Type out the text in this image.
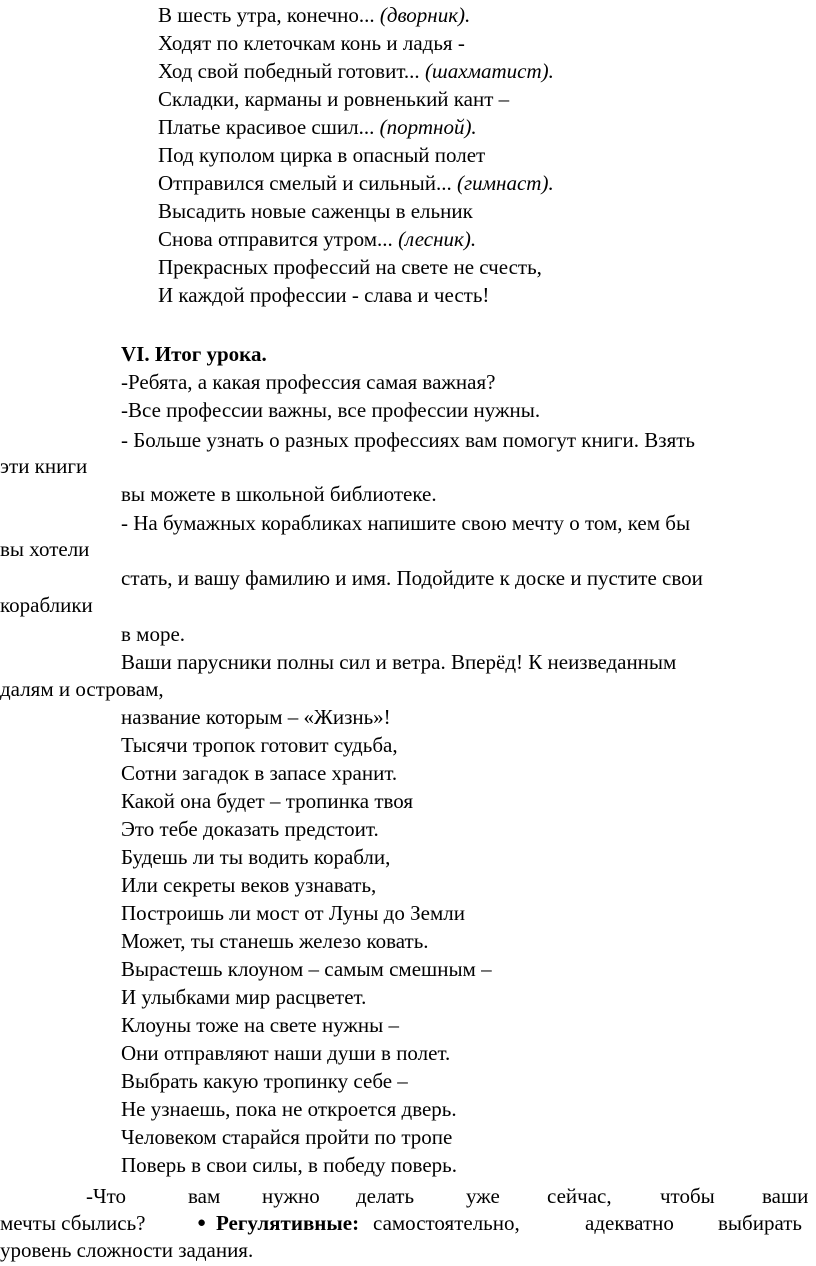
В шесть утра, конечно... (дворник).
Ходят по клеточкам конь и ладья -
Ход свой победный готовит... (шахматист).
Складки, карманы и ровненький кант –
Платье красивое сшил... (портной).
Под куполом цирка в опасный полет
Отправился смелый и сильный... (гимнаст).
Высадить новые саженцы в ельник
Снова отправится утром... (лесник).
Прекрасных профессий на свете не счесть,
И каждой профессии - слава и честь!
VI. Итог урока.
-Ребята, а какая профессия самая важная?
-Все профессии важны, все профессии нужны.
- Больше узнать о разных профессиях вам помогут книги. Взять
эти книги
вы можете в школьной библиотеке.
- На бумажных корабликах напишите свою мечту о том, кем бы
вы хотели
стать, и вашу фамилию и имя. Подойдите к доске и пустите свои
кораблики
в море.
Ваши парусники полны сил и ветра. Вперёд! К неизведанным
далям и островам,
название которым – «Жизнь»!
Тысячи тропок готовит судьба,
Сотни загадок в запасе хранит.
Какой она будет – тропинка твоя
Это тебе доказать предстоит.
Будешь ли ты водить корабли,
Или секреты веков узнавать,
Построишь ли мост от Луны до Земли
Может, ты станешь железо ковать.
Вырастешь клоуном – самым смешным –
И улыбками мир расцветет.
Клоуны тоже на свете нужны –
Они отправляют наши души в полет.
Выбрать какую тропинку себе –
Не узнаешь, пока не откроется дверь.
Человеком старайся пройти по тропе
Поверь в свои силы, в победу поверь.
-Что	вам нужно делать уже сейчас, чтобы ваши
мечты сбылись?	● Регулятивные: самостоятельно,	адекватно выбирать
уровень сложности задания.
